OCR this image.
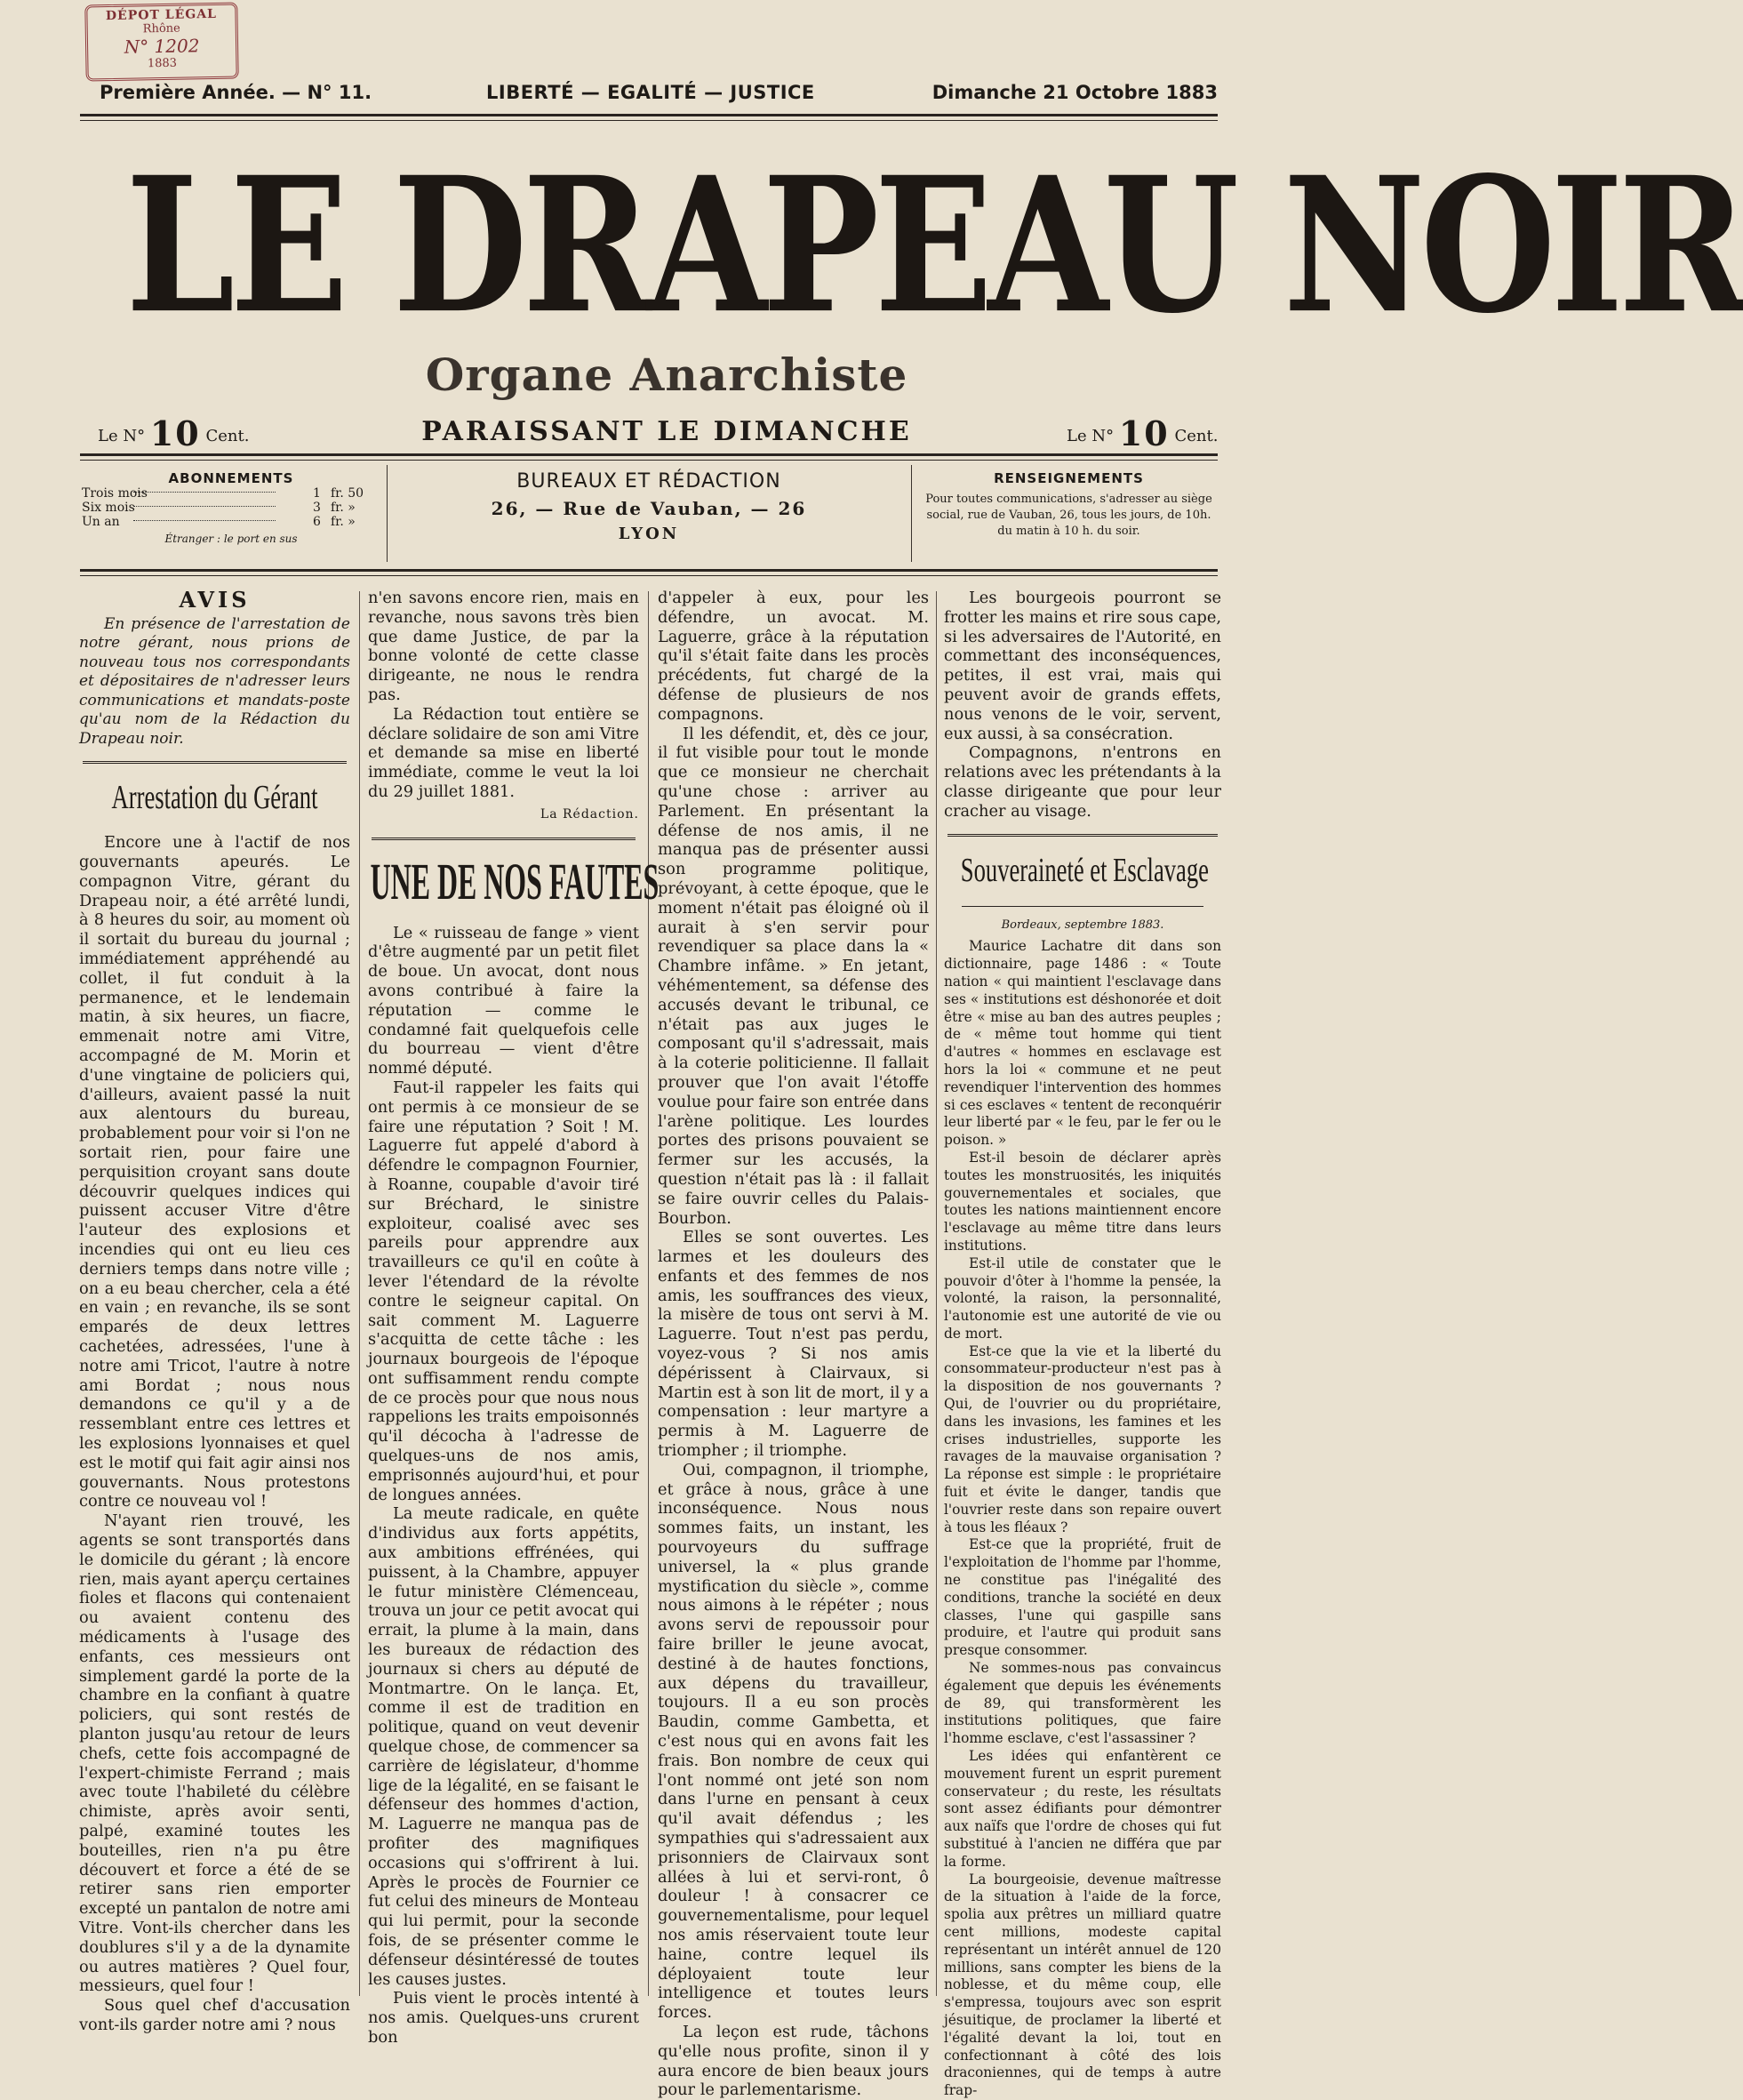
DÉPOT LÉGAL
Rhône
N° 1202
1883
Première Année. — N° 11.	LIBERTÉ — EGALITÉ — JUSTICE	Dimanche 21 Octobre 1883
LE DRAPEAU NOIR
Organe Anarchiste
Le N° 10 Cent.	PARAISSANT LE DIMANCHE	Le N° 10 Cent.
ABONNEMENTS
Trois mois	1 fr. 50
Six mois	3 fr. »
Un an	6 fr. »
Étranger : le port en sus
BUREAUX ET RÉDACTION
26, — Rue de Vauban, — 26
LYON
RENSEIGNEMENTS

Pour toutes communications, s'adresser au siège social, rue de Vauban, 26, tous les jours, de 10h. du matin à 10 h. du soir.

AVIS

En présence de l'arrestation de notre gérant, nous prions de nouveau tous nos correspondants et dépositaires de n'adresser leurs communications et mandats-poste qu'au nom de la Rédaction du Drapeau noir.

Arrestation du Gérant

Encore une à l'actif de nos gouvernants apeurés. Le compagnon Vitre, gérant du Drapeau noir, a été arrêté lundi, à 8 heures du soir, au moment où il sortait du bureau du journal ; immédiatement appréhendé au collet, il fut conduit à la permanence, et le lendemain matin, à six heures, un fiacre, emmenait notre ami Vitre, accompagné de M. Morin et d'une vingtaine de policiers qui, d'ailleurs, avaient passé la nuit aux alentours du bureau, probablement pour voir si l'on ne sortait rien, pour faire une perquisition croyant sans doute découvrir quelques indices qui puissent accuser Vitre d'être l'auteur des explosions et incendies qui ont eu lieu ces derniers temps dans notre ville ; on a eu beau chercher, cela a été en vain ; en revanche, ils se sont emparés de deux lettres cachetées, adressées, l'une à notre ami Tricot, l'autre à notre ami Bordat ; nous nous demandons ce qu'il y a de ressemblant entre ces lettres et les explosions lyonnaises et quel est le motif qui fait agir ainsi nos gouvernants. Nous protestons contre ce nouveau vol !

N'ayant rien trouvé, les agents se sont transportés dans le domicile du gérant ; là encore rien, mais ayant aperçu certaines fioles et flacons qui contenaient ou avaient contenu des médicaments à l'usage des enfants, ces messieurs ont simplement gardé la porte de la chambre en la confiant à quatre policiers, qui sont restés de planton jusqu'au retour de leurs chefs, cette fois accompagné de l'expert-chimiste Ferrand ; mais avec toute l'habileté du célèbre chimiste, après avoir senti, palpé, examiné toutes les bouteilles, rien n'a pu être découvert et force a été de se retirer sans rien emporter excepté un pantalon de notre ami Vitre. Vont-ils chercher dans les doublures s'il y a de la dynamite ou autres matières ? Quel four, messieurs, quel four !

Sous quel chef d'accusation vont-ils garder notre ami ? nous

n'en savons encore rien, mais en revanche, nous savons très bien que dame Justice, de par la bonne volonté de cette classe dirigeante, ne nous le rendra pas.

La Rédaction tout entière se déclare solidaire de son ami Vitre et demande sa mise en liberté immédiate, comme le veut la loi du 29 juillet 1881.

La Rédaction.
UNE DE NOS FAUTES

Le « ruisseau de fange » vient d'être augmenté par un petit filet de boue. Un avocat, dont nous avons contribué à faire la réputation — comme le condamné fait quelquefois celle du bourreau — vient d'être nommé député.

Faut-il rappeler les faits qui ont permis à ce monsieur de se faire une réputation ? Soit ! M. Laguerre fut appelé d'abord à défendre le compagnon Fournier, à Roanne, coupable d'avoir tiré sur Bréchard, le sinistre exploiteur, coalisé avec ses pareils pour apprendre aux travailleurs ce qu'il en coûte à lever l'étendard de la révolte contre le seigneur capital. On sait comment M. Laguerre s'acquitta de cette tâche : les journaux bourgeois de l'époque ont suffisamment rendu compte de ce procès pour que nous nous rappelions les traits empoisonnés qu'il décocha à l'adresse de quelques-uns de nos amis, emprisonnés aujourd'hui, et pour de longues années.

La meute radicale, en quête d'individus aux forts appétits, aux ambitions effrénées, qui puissent, à la Chambre, appuyer le futur ministère Clémenceau, trouva un jour ce petit avocat qui errait, la plume à la main, dans les bureaux de rédaction des journaux si chers au député de Montmartre. On le lança. Et, comme il est de tradition en politique, quand on veut devenir quelque chose, de commencer sa carrière de législateur, d'homme lige de la légalité, en se faisant le défenseur des hommes d'action, M. Laguerre ne manqua pas de profiter des magnifiques occasions qui s'offrirent à lui. Après le procès de Fournier ce fut celui des mineurs de Monteau qui lui permit, pour la seconde fois, de se présenter comme le défenseur désintéressé de toutes les causes justes.

Puis vient le procès intenté à nos amis. Quelques-uns crurent bon

d'appeler à eux, pour les défendre, un avocat. M. Laguerre, grâce à la réputation qu'il s'était faite dans les procès précédents, fut chargé de la défense de plusieurs de nos compagnons.

Il les défendit, et, dès ce jour, il fut visible pour tout le monde que ce monsieur ne cherchait qu'une chose : arriver au Parlement. En présentant la défense de nos amis, il ne manqua pas de présenter aussi son programme politique, prévoyant, à cette époque, que le moment n'était pas éloigné où il aurait à s'en servir pour revendiquer sa place dans la « Chambre infâme. » En jetant, véhémentement, sa défense des accusés devant le tribunal, ce n'était pas aux juges le composant qu'il s'adressait, mais à la coterie politicienne. Il fallait prouver que l'on avait l'étoffe voulue pour faire son entrée dans l'arène politique. Les lourdes portes des prisons pouvaient se fermer sur les accusés, la question n'était pas là : il fallait se faire ouvrir celles du Palais-Bourbon.

Elles se sont ouvertes. Les larmes et les douleurs des enfants et des femmes de nos amis, les souffrances des vieux, la misère de tous ont servi à M. Laguerre. Tout n'est pas perdu, voyez-vous ? Si nos amis dépérissent à Clairvaux, si Martin est à son lit de mort, il y a compensation : leur martyre a permis à M. Laguerre de triompher ; il triomphe.

Oui, compagnon, il triomphe, et grâce à nous, grâce à une inconséquence. Nous nous sommes faits, un instant, les pourvoyeurs du suffrage universel, la « plus grande mystification du siècle », comme nous aimons à le répéter ; nous avons servi de repoussoir pour faire briller le jeune avocat, destiné à de hautes fonctions, aux dépens du travailleur, toujours. Il a eu son procès Baudin, comme Gambetta, et c'est nous qui en avons fait les frais. Bon nombre de ceux qui l'ont nommé ont jeté son nom dans l'urne en pensant à ceux qu'il avait défendus ; les sympathies qui s'adressaient aux prisonniers de Clairvaux sont allées à lui et servi-ront, ô douleur ! à consacrer ce gouvernementalisme, pour lequel nos amis réservaient toute leur haine, contre lequel ils déployaient toute leur intelligence et toutes leurs forces.

La leçon est rude, tâchons qu'elle nous profite, sinon il y aura encore de bien beaux jours pour le parlementarisme.

Les bourgeois pourront se frotter les mains et rire sous cape, si les adversaires de l'Autorité, en commettant des inconséquences, petites, il est vrai, mais qui peuvent avoir de grands effets, nous venons de le voir, servent, eux aussi, à sa consécration.

Compagnons, n'entrons en relations avec les prétendants à la classe dirigeante que pour leur cracher au visage.

Souveraineté et Esclavage
Bordeaux, septembre 1883.

Maurice Lachatre dit dans son dictionnaire, page 1486 : « Toute nation « qui maintient l'esclavage dans ses « institutions est déshonorée et doit être « mise au ban des autres peuples ; de « même tout homme qui tient d'autres « hommes en esclavage est hors la loi « commune et ne peut revendiquer l'intervention des hommes si ces esclaves « tentent de reconquérir leur liberté par « le feu, par le fer ou le poison. »

Est-il besoin de déclarer après toutes les monstruosités, les iniquités gouvernementales et sociales, que toutes les nations maintiennent encore l'esclavage au même titre dans leurs institutions.

Est-il utile de constater que le pouvoir d'ôter à l'homme la pensée, la volonté, la raison, la personnalité, l'autonomie est une autorité de vie ou de mort.

Est-ce que la vie et la liberté du consommateur-producteur n'est pas à la disposition de nos gouvernants ? Qui, de l'ouvrier ou du propriétaire, dans les invasions, les famines et les crises industrielles, supporte les ravages de la mauvaise organisation ? La réponse est simple : le propriétaire fuit et évite le danger, tandis que l'ouvrier reste dans son repaire ouvert à tous les fléaux ?

Est-ce que la propriété, fruit de l'exploitation de l'homme par l'homme, ne constitue pas l'inégalité des conditions, tranche la société en deux classes, l'une qui gaspille sans produire, et l'autre qui produit sans presque consommer.

Ne sommes-nous pas convaincus également que depuis les événements de 89, qui transformèrent les institutions politiques, que faire l'homme esclave, c'est l'assassiner ?

Les idées qui enfantèrent ce mouvement furent un esprit purement conservateur ; du reste, les résultats sont assez édifiants pour démontrer aux naïfs que l'ordre de choses qui fut substitué à l'ancien ne différa que par la forme.

La bourgeoisie, devenue maîtresse de la situation à l'aide de la force, spolia aux prêtres un milliard quatre cent millions, modeste capital représentant un intérêt annuel de 120 millions, sans compter les biens de la noblesse, et du même coup, elle s'empressa, toujours avec son esprit jésuitique, de proclamer la liberté et l'égalité devant la loi, tout en confectionnant à côté des lois draconiennes, qui de temps à autre frap-
